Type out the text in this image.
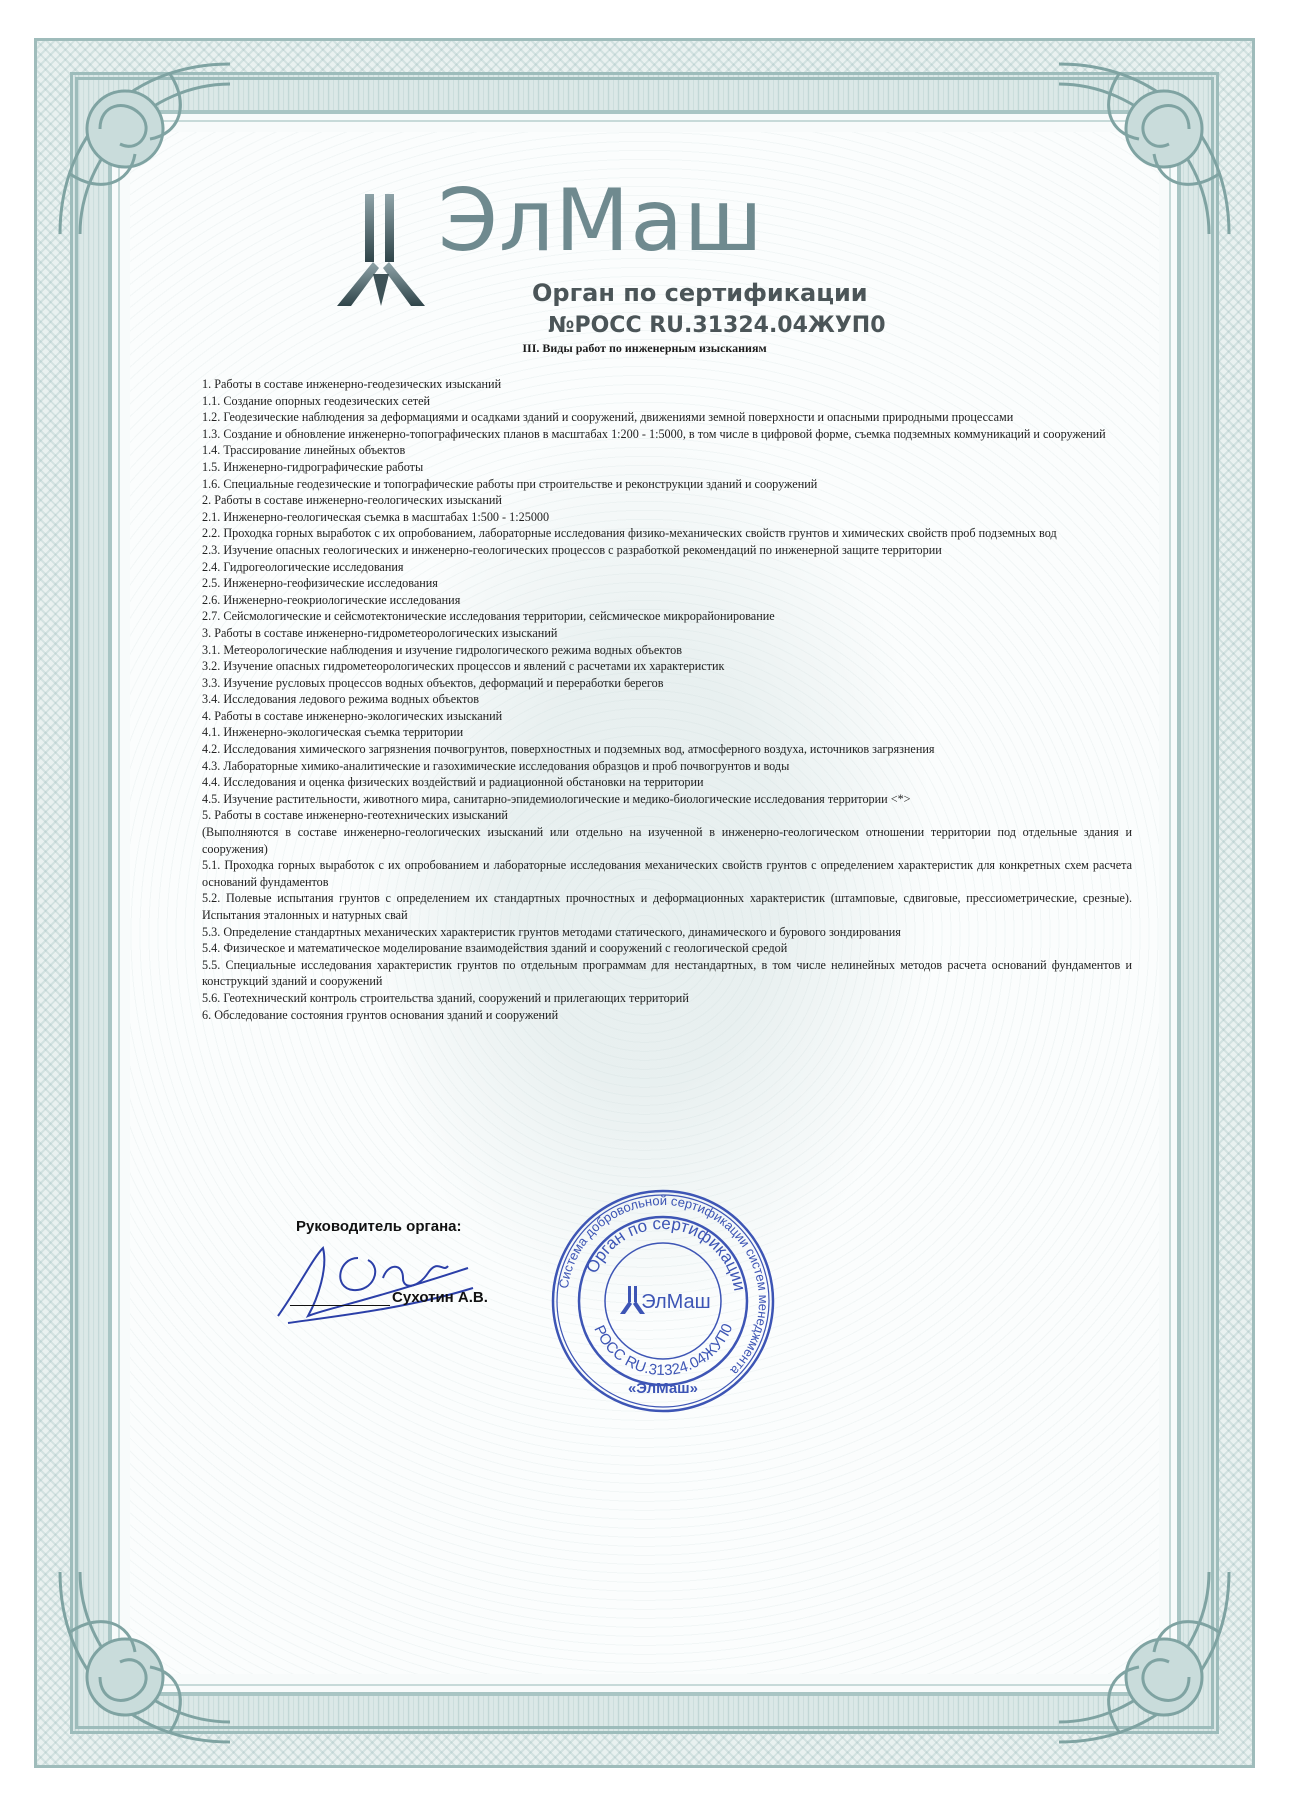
ЭлМаш
Орган по сертификации
№РОСС RU.31324.04ЖУП0
III. Виды работ по инженерным изысканиям
1. Работы в составе инженерно-геодезических изысканий
1.1. Создание опорных геодезических сетей
1.2. Геодезические наблюдения за деформациями и осадками зданий и сооружений, движениями земной поверхности и опасными природными процессами
1.3. Создание и обновление инженерно-топографических планов в масштабах 1:200 - 1:5000, в том числе в цифровой форме, съемка подземных коммуникаций и сооружений
1.4. Трассирование линейных объектов
1.5. Инженерно-гидрографические работы
1.6. Специальные геодезические и топографические работы при строительстве и реконструкции зданий и сооружений
2. Работы в составе инженерно-геологических изысканий
2.1. Инженерно-геологическая съемка в масштабах 1:500 - 1:25000
2.2. Проходка горных выработок с их опробованием, лабораторные исследования физико-механических свойств грунтов и химических свойств проб подземных вод
2.3. Изучение опасных геологических и инженерно-геологических процессов с разработкой рекомендаций по инженерной защите территории
2.4. Гидрогеологические исследования
2.5. Инженерно-геофизические исследования
2.6. Инженерно-геокриологические исследования
2.7. Сейсмологические и сейсмотектонические исследования территории, сейсмическое микрорайонирование
3. Работы в составе инженерно-гидрометеорологических изысканий
3.1. Метеорологические наблюдения и изучение гидрологического режима водных объектов
3.2. Изучение опасных гидрометеорологических процессов и явлений с расчетами их характеристик
3.3. Изучение русловых процессов водных объектов, деформаций и переработки берегов
3.4. Исследования ледового режима водных объектов
4. Работы в составе инженерно-экологических изысканий
4.1. Инженерно-экологическая съемка территории
4.2. Исследования химического загрязнения почвогрунтов, поверхностных и подземных вод, атмосферного воздуха, источников загрязнения
4.3. Лабораторные химико-аналитические и газохимические исследования образцов и проб почвогрунтов и воды
4.4. Исследования и оценка физических воздействий и радиационной обстановки на территории
4.5. Изучение растительности, животного мира, санитарно-эпидемиологические и медико-биологические исследования территории <*>
5. Работы в составе инженерно-геотехнических изысканий
(Выполняются в составе инженерно-геологических изысканий или отдельно на изученной в инженерно-геологическом отношении территории под отдельные здания и сооружения)
5.1. Проходка горных выработок с их опробованием и лабораторные исследования механических свойств грунтов с определением характеристик для конкретных схем расчета оснований фундаментов
5.2. Полевые испытания грунтов с определением их стандартных прочностных и деформационных характеристик (штамповые, сдвиговые, прессиометрические, срезные). Испытания эталонных и натурных свай
5.3. Определение стандартных механических характеристик грунтов методами статического, динамического и бурового зондирования
5.4. Физическое и математическое моделирование взаимодействия зданий и сооружений с геологической средой
5.5. Специальные исследования характеристик грунтов по отдельным программам для нестандартных, в том числе нелинейных методов расчета оснований фундаментов и конструкций зданий и сооружений
5.6. Геотехнический контроль строительства зданий, сооружений и прилегающих территорий
6. Обследование состояния грунтов основания зданий и сооружений
Руководитель органа:
Сухотин А.В.
Система добровольной сертификации систем менеджмента
Орган по сертификации
РОСС RU.31324.04ЖУП0
ЭлМаш
«ЭлМаш»
